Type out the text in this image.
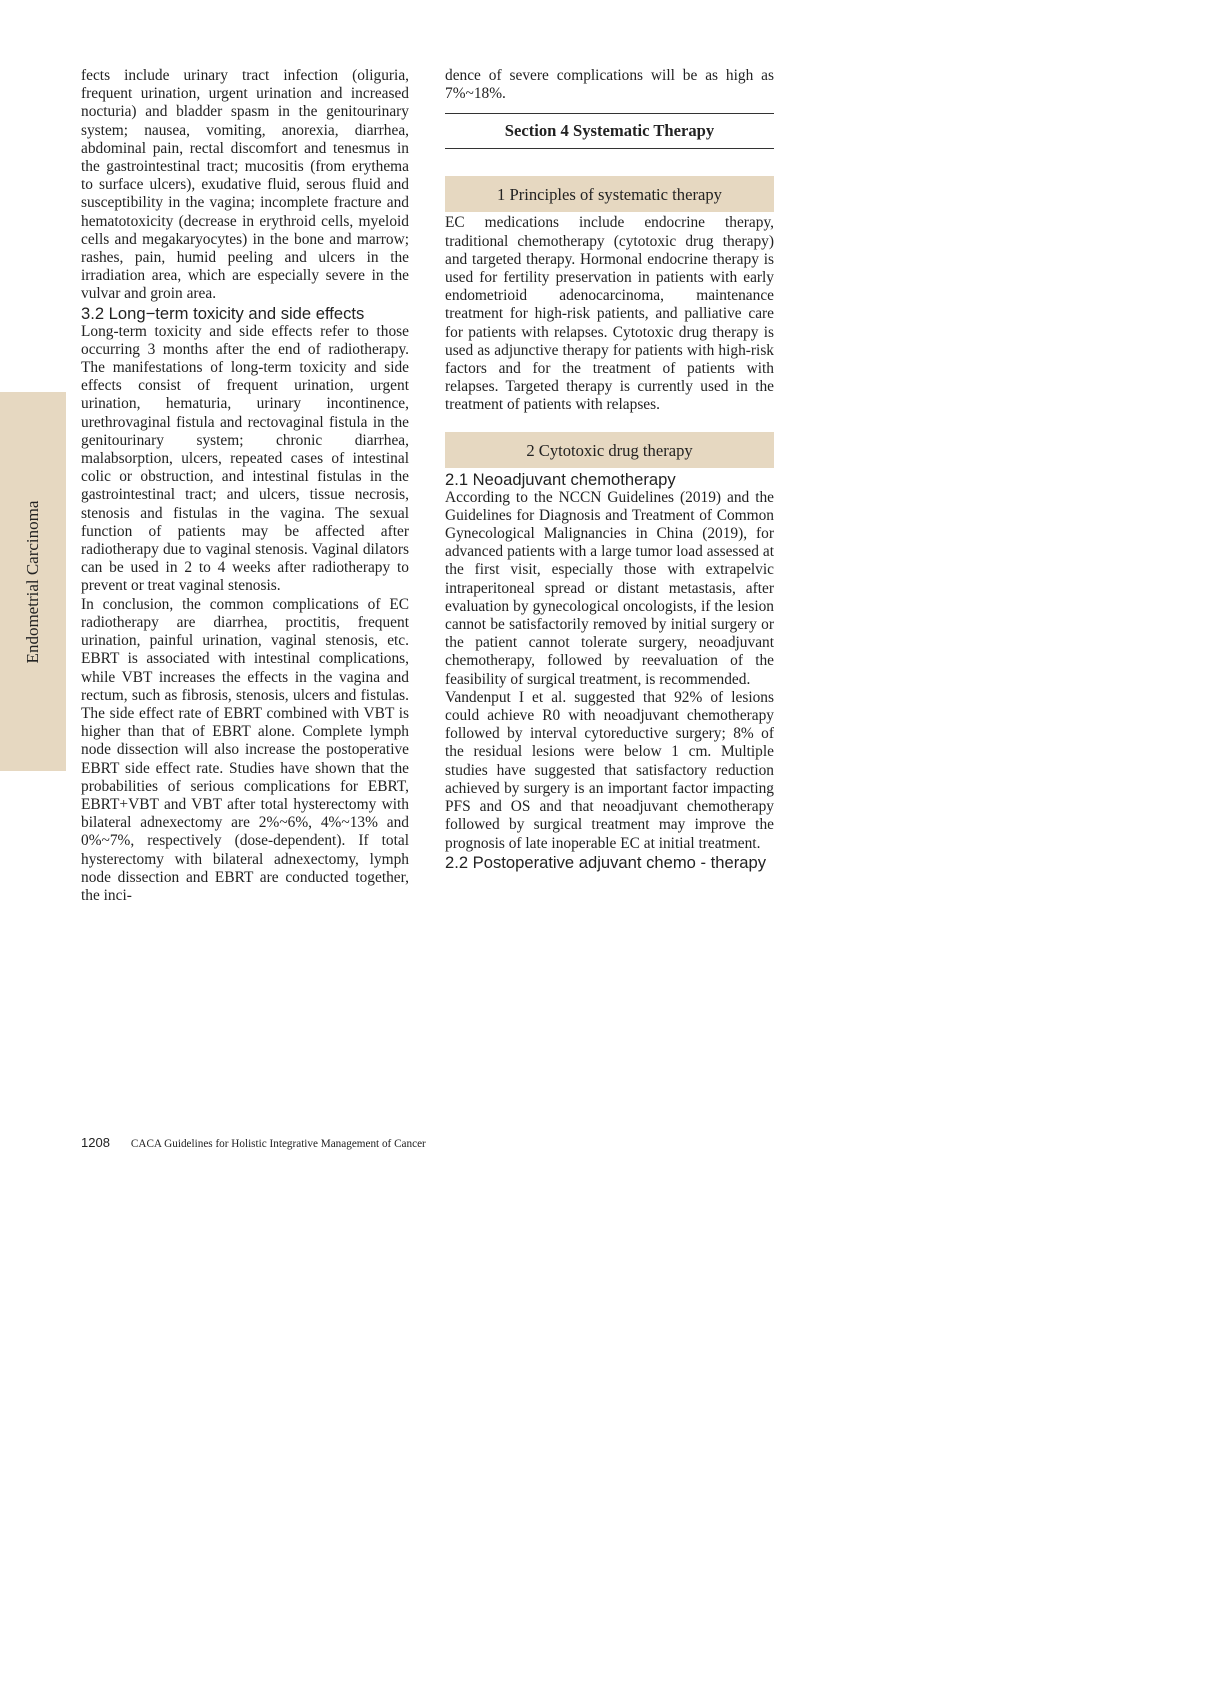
Endometrial Carcinoma

fects include urinary tract infection (oliguria, frequent urination, urgent urination and increased nocturia) and bladder spasm in the genitourinary system; nausea, vomiting, anorexia, diarrhea, abdominal pain, rectal discomfort and tenesmus in the gastrointestinal tract; mucositis (from erythema to surface ulcers), exudative fluid, serous fluid and susceptibility in the vagina; incomplete fracture and hematotoxicity (decrease in erythroid cells, myeloid cells and megakaryocytes) in the bone and marrow; rashes, pain, humid peeling and ulcers in the irradiation area, which are especially severe in the vulvar and groin area.

3.2 Long−term toxicity and side effects

Long-term toxicity and side effects refer to those occurring 3 months after the end of radiotherapy. The manifestations of long-term toxicity and side effects consist of frequent urination, urgent urination, hematuria, urinary incontinence, urethrovaginal fistula and rectovaginal fistula in the genitourinary system; chronic diarrhea, malabsorption, ulcers, repeated cases of intestinal colic or obstruction, and intestinal fistulas in the gastrointestinal tract; and ulcers, tissue necrosis, stenosis and fistulas in the vagina. The sexual function of patients may be affected after radiotherapy due to vaginal stenosis. Vaginal dilators can be used in 2 to 4 weeks after radiotherapy to prevent or treat vaginal stenosis.

In conclusion, the common complications of EC radiotherapy are diarrhea, proctitis, frequent urination, painful urination, vaginal stenosis, etc. EBRT is associated with intestinal complications, while VBT increases the effects in the vagina and rectum, such as fibrosis, stenosis, ulcers and fistulas. The side effect rate of EBRT combined with VBT is higher than that of EBRT alone. Complete lymph node dissection will also increase the postoperative EBRT side effect rate. Studies have shown that the probabilities of serious complications for EBRT, EBRT+VBT and VBT after total hysterectomy with bilateral adnexectomy are 2%~6%, 4%~13% and 0%~7%, respectively (dose-dependent). If total hysterectomy with bilateral adnexectomy, lymph node dissection and EBRT are conducted together, the inci-

dence of severe complications will be as high as 7%~18%.

Section 4 Systematic Therapy
1 Principles of systematic therapy

EC medications include endocrine therapy, traditional chemotherapy (cytotoxic drug therapy) and targeted therapy. Hormonal endocrine therapy is used for fertility preservation in patients with early endometrioid adenocarcinoma, maintenance treatment for high-risk patients, and palliative care for patients with relapses. Cytotoxic drug therapy is used as adjunctive therapy for patients with high-risk factors and for the treatment of patients with relapses. Targeted therapy is currently used in the treatment of patients with relapses.

2 Cytotoxic drug therapy

2.1 Neoadjuvant chemotherapy

According to the NCCN Guidelines (2019) and the Guidelines for Diagnosis and Treatment of Common Gynecological Malignancies in China (2019), for advanced patients with a large tumor load assessed at the first visit, especially those with extrapelvic intraperitoneal spread or distant metastasis, after evaluation by gynecological oncologists, if the lesion cannot be satisfactorily removed by initial surgery or the patient cannot tolerate surgery, neoadjuvant chemotherapy, followed by reevaluation of the feasibility of surgical treatment, is recommended.

Vandenput I et al. suggested that 92% of lesions could achieve R0 with neoadjuvant chemotherapy followed by interval cytoreductive surgery; 8% of the residual lesions were below 1 cm. Multiple studies have suggested that satisfactory reduction achieved by surgery is an important factor impacting PFS and OS and that neoadjuvant chemotherapy followed by surgical treatment may improve the prognosis of late inoperable EC at initial treatment.

2.2 Postoperative adjuvant chemo - therapy

1208 CACA Guidelines for Holistic Integrative Management of Cancer
